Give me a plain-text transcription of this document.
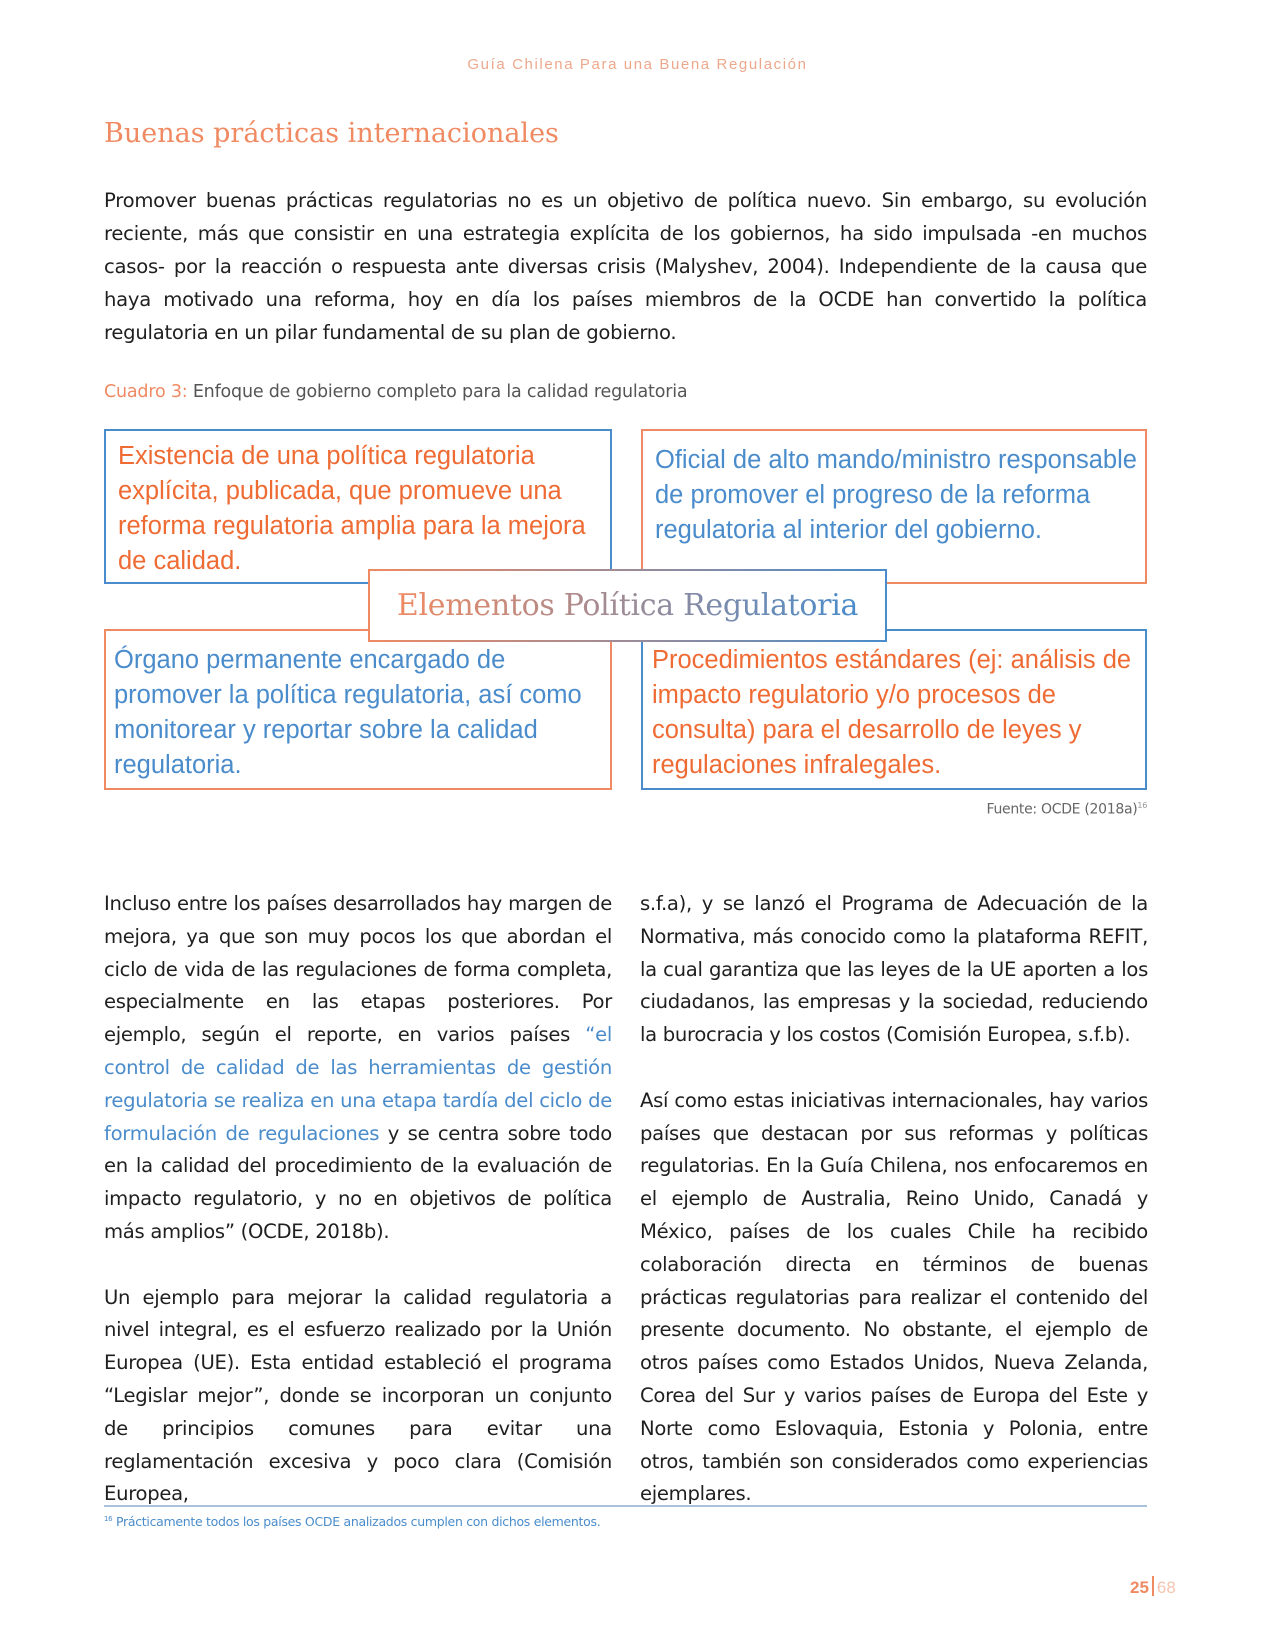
Guía Chilena Para una Buena Regulación
Buenas prácticas internacionales

Promover buenas prácticas regulatorias no es un objetivo de política nuevo. Sin embargo, su evolución reciente, más que consistir en una estrategia explícita de los gobiernos, ha sido impulsada -en muchos casos- por la reacción o respuesta ante diversas crisis (Malyshev, 2004). Independiente de la causa que haya motivado una reforma, hoy en día los países miembros de la OCDE han convertido la política regulatoria en un pilar fundamental de su plan de gobierno.

Cuadro 3: Enfoque de gobierno completo para la calidad regulatoria
Existencia de una política regulatoria explícita, publicada, que promueve una reforma regulatoria amplia para la mejora de calidad.
Oficial de alto mando/ministro responsable de promover el progreso de la reforma regulatoria al interior del gobierno.
Órgano permanente encargado de promover la política regulatoria, así como monitorear y reportar sobre la calidad regulatoria.
Procedimientos estándares (ej: análisis de impacto regulatorio y/o procesos de consulta) para el desarrollo de leyes y regulaciones infralegales.
Elementos Política Regulatoria
Fuente: OCDE $(2018a)^{16}$

Incluso entre los países desarrollados hay margen de mejora, ya que son muy pocos los que abordan el ciclo de vida de las regulaciones de forma completa, especialmente en las etapas posteriores. Por ejemplo, según el reporte, en varios países “el control de calidad de las herramientas de gestión regulatoria se realiza en una etapa tardía del ciclo de formulación de regulaciones y se centra sobre todo en la calidad del procedimiento de la evaluación de impacto regulatorio, y no en objetivos de política más amplios” (OCDE, 2018b).

Un ejemplo para mejorar la calidad regulatoria a nivel integral, es el esfuerzo realizado por la Unión Europea (UE). Esta entidad estableció el programa “Legislar mejor”, donde se incorporan un conjunto de principios comunes para evitar una reglamentación excesiva y poco clara (Comisión Europea,

s.f.a), y se lanzó el Programa de Adecuación de la Normativa, más conocido como la plataforma REFIT, la cual garantiza que las leyes de la UE aporten a los ciudadanos, las empresas y la sociedad, reduciendo la burocracia y los costos (Comisión Europea, s.f.b).

Así como estas iniciativas internacionales, hay varios países que destacan por sus reformas y políticas regulatorias. En la Guía Chilena, nos enfocaremos en el ejemplo de Australia, Reino Unido, Canadá y México, países de los cuales Chile ha recibido colaboración directa en términos de buenas prácticas regulatorias para realizar el contenido del presente documento. No obstante, el ejemplo de otros países como Estados Unidos, Nueva Zelanda, Corea del Sur y varios países de Europa del Este y Norte como Eslovaquia, Estonia y Polonia, entre otros, también son considerados como experiencias ejemplares.

$^{16}$ Prácticamente todos los países OCDE analizados cumplen con dichos elementos.
25 68
